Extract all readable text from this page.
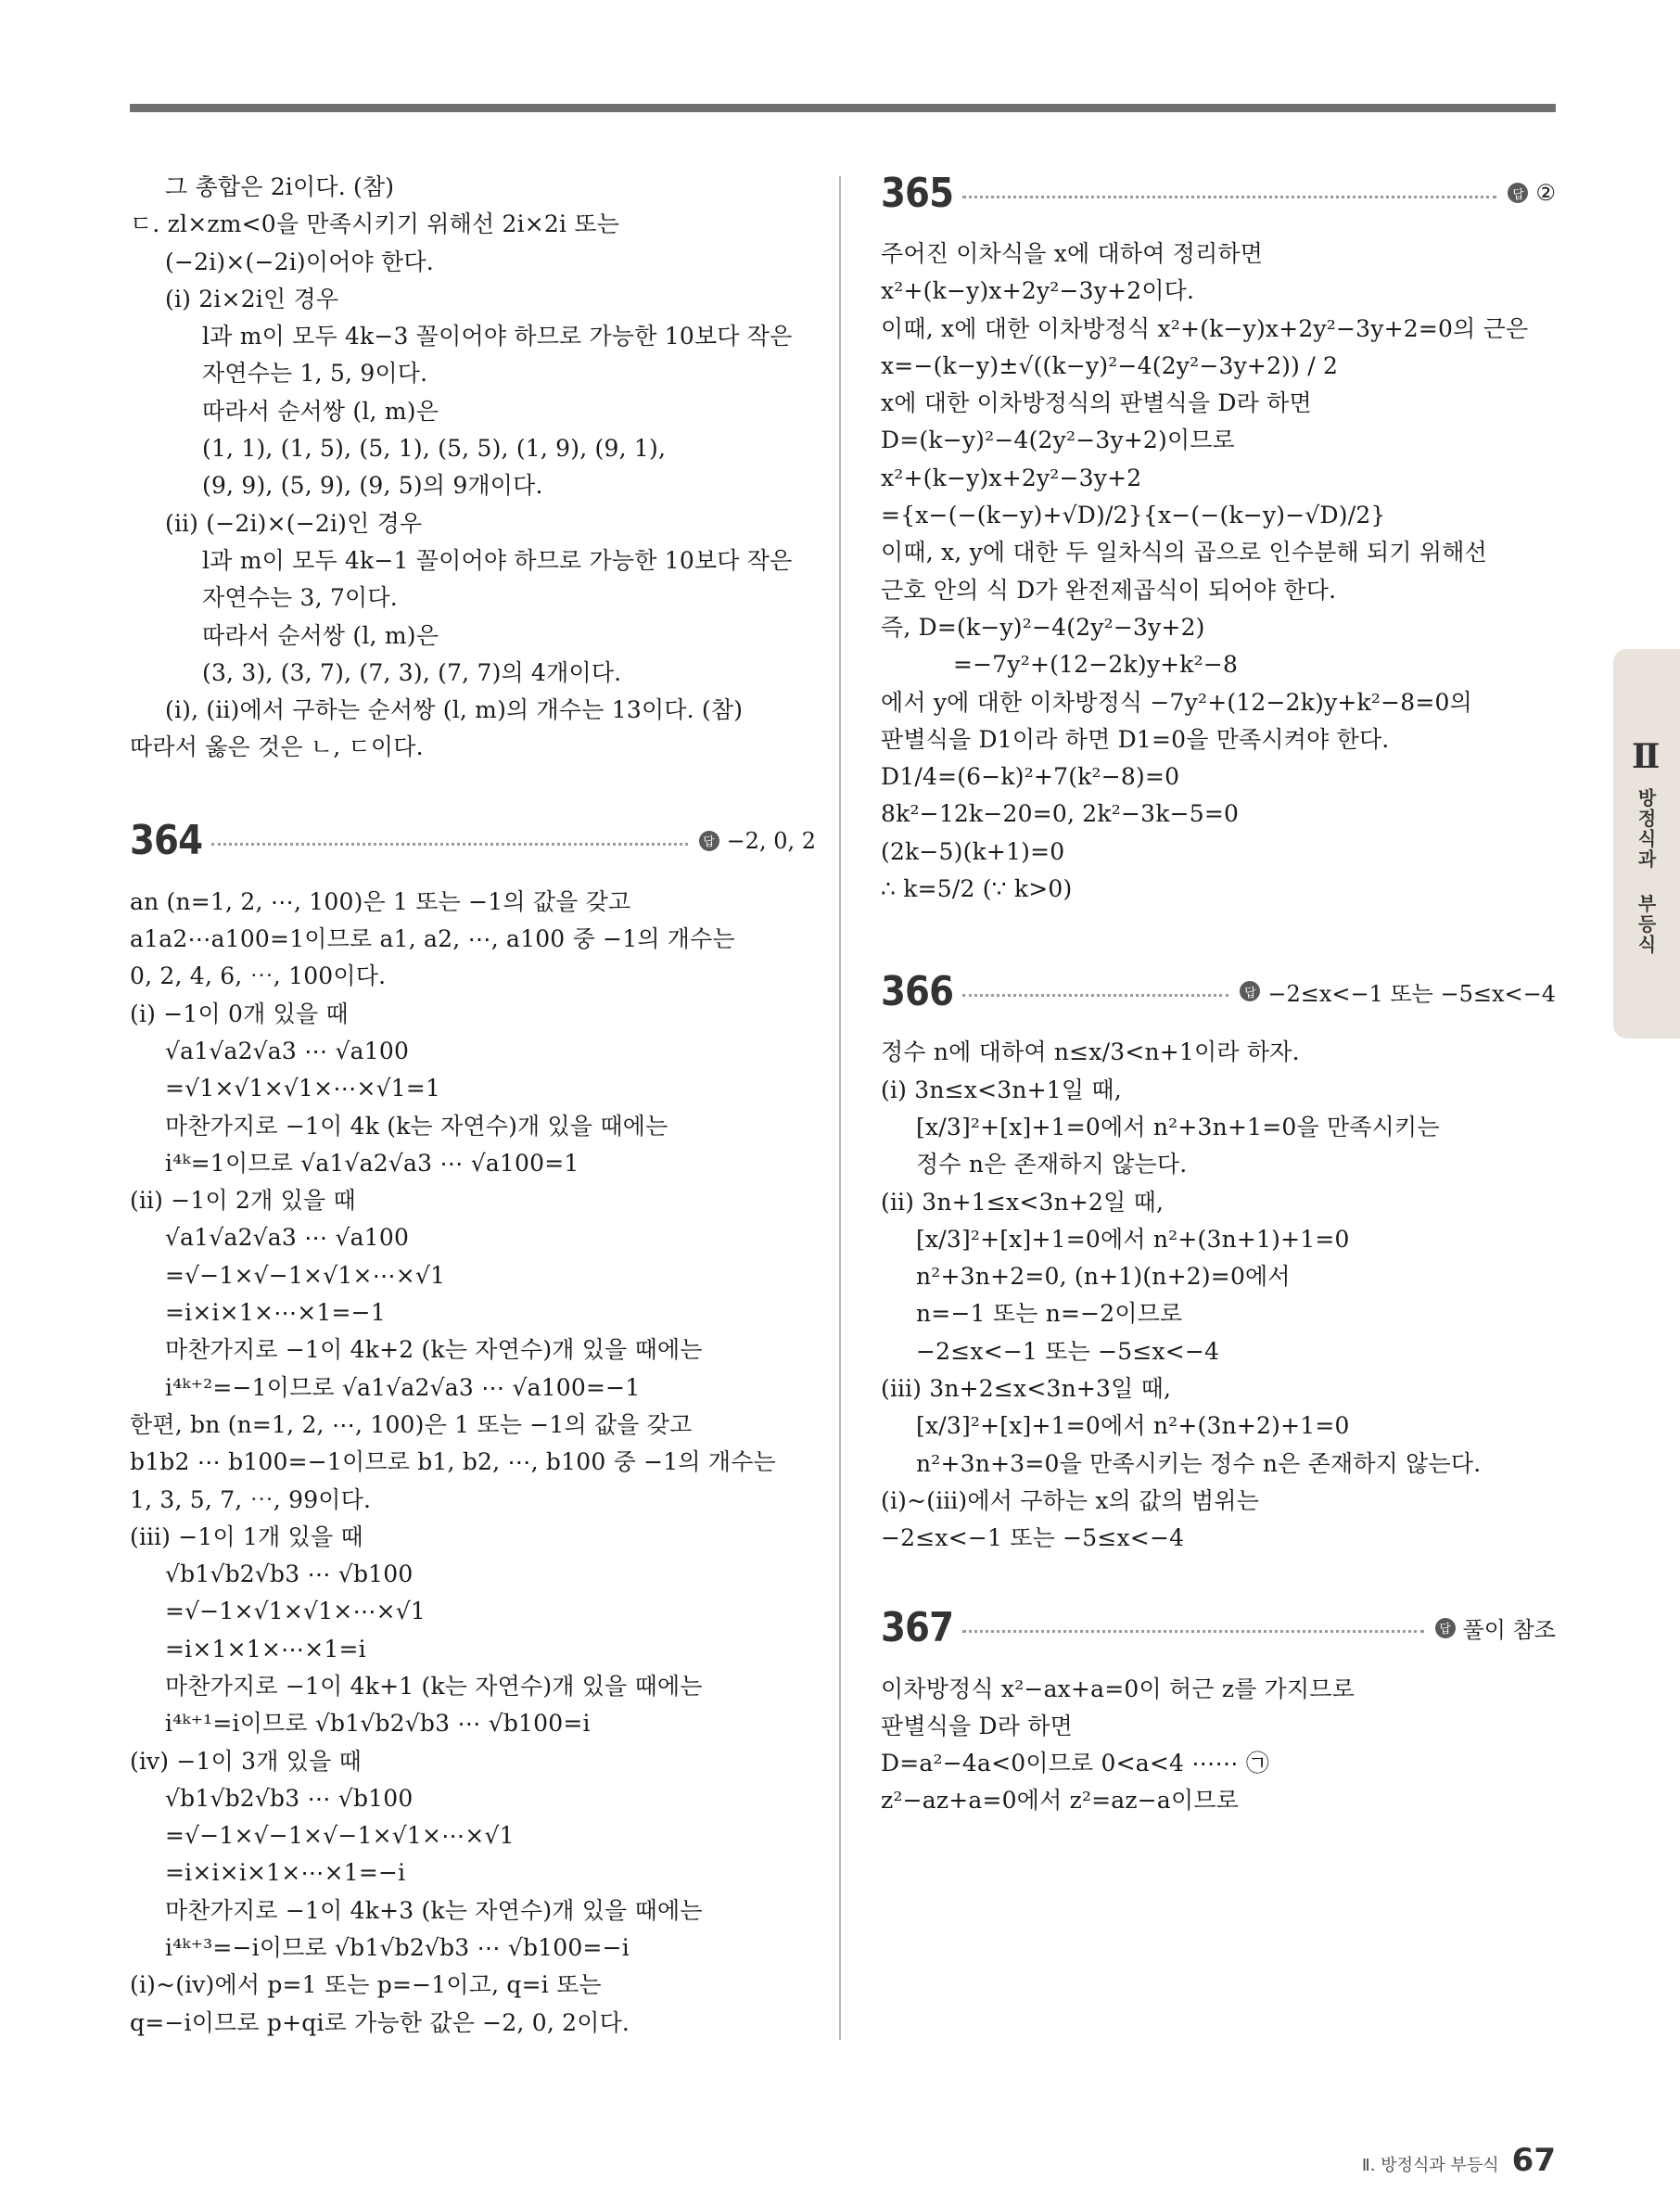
그 총합은 2i이다. (참)
ㄷ. zl×zm<0을 만족시키기 위해선 2i×2i 또는
(−2i)×(−2i)이어야 한다.
(ⅰ) 2i×2i인 경우
l과 m이 모두 4k−3 꼴이어야 하므로 가능한 10보다 작은
자연수는 1, 5, 9이다.
따라서 순서쌍 (l, m)은
(1, 1), (1, 5), (5, 1), (5, 5), (1, 9), (9, 1),
(9, 9), (5, 9), (9, 5)의 9개이다.
(ⅱ) (−2i)×(−2i)인 경우
l과 m이 모두 4k−1 꼴이어야 하므로 가능한 10보다 작은
자연수는 3, 7이다.
따라서 순서쌍 (l, m)은
(3, 3), (3, 7), (7, 3), (7, 7)의 4개이다.
(ⅰ), (ⅱ)에서 구하는 순서쌍 (l, m)의 개수는 13이다. (참)
따라서 옳은 것은 ㄴ, ㄷ이다.
364	답 −2, 0, 2
an (n=1, 2, ⋯, 100)은 1 또는 −1의 값을 갖고
a1a2⋯a100=1이므로 a1, a2, ⋯, a100 중 −1의 개수는
0, 2, 4, 6, ⋯, 100이다.
(ⅰ) −1이 0개 있을 때
√a1√a2√a3 ⋯ √a100
=√1×√1×√1×⋯×√1=1
마찬가지로 −1이 4k (k는 자연수)개 있을 때에는
i⁴ᵏ=1이므로 √a1√a2√a3 ⋯ √a100=1
(ⅱ) −1이 2개 있을 때
√a1√a2√a3 ⋯ √a100
=√−1×√−1×√1×⋯×√1
=i×i×1×⋯×1=−1
마찬가지로 −1이 4k+2 (k는 자연수)개 있을 때에는
i⁴ᵏ⁺²=−1이므로 √a1√a2√a3 ⋯ √a100=−1
한편, bn (n=1, 2, ⋯, 100)은 1 또는 −1의 값을 갖고
b1b2 ⋯ b100=−1이므로 b1, b2, ⋯, b100 중 −1의 개수는
1, 3, 5, 7, ⋯, 99이다.
(ⅲ) −1이 1개 있을 때
√b1√b2√b3 ⋯ √b100
=√−1×√1×√1×⋯×√1
=i×1×1×⋯×1=i
마찬가지로 −1이 4k+1 (k는 자연수)개 있을 때에는
i⁴ᵏ⁺¹=i이므로 √b1√b2√b3 ⋯ √b100=i
(ⅳ) −1이 3개 있을 때
√b1√b2√b3 ⋯ √b100
=√−1×√−1×√−1×√1×⋯×√1
=i×i×i×1×⋯×1=−i
마찬가지로 −1이 4k+3 (k는 자연수)개 있을 때에는
i⁴ᵏ⁺³=−i이므로 √b1√b2√b3 ⋯ √b100=−i
(ⅰ)~(ⅳ)에서 p=1 또는 p=−1이고, q=i 또는
q=−i이므로 p+qi로 가능한 값은 −2, 0, 2이다.
365	답 ②
주어진 이차식을 x에 대하여 정리하면
x²+(k−y)x+2y²−3y+2이다.
이때, x에 대한 이차방정식 x²+(k−y)x+2y²−3y+2=0의 근은
x=−(k−y)±√((k−y)²−4(2y²−3y+2)) / 2
x에 대한 이차방정식의 판별식을 D라 하면
D=(k−y)²−4(2y²−3y+2)이므로
x²+(k−y)x+2y²−3y+2
={x−(−(k−y)+√D)/2}{x−(−(k−y)−√D)/2}
이때, x, y에 대한 두 일차식의 곱으로 인수분해 되기 위해선
근호 안의 식 D가 완전제곱식이 되어야 한다.
즉, D=(k−y)²−4(2y²−3y+2)
=−7y²+(12−2k)y+k²−8
에서 y에 대한 이차방정식 −7y²+(12−2k)y+k²−8=0의
판별식을 D1이라 하면 D1=0을 만족시켜야 한다.
D1/4=(6−k)²+7(k²−8)=0
8k²−12k−20=0, 2k²−3k−5=0
(2k−5)(k+1)=0
∴ k=5/2 (∵ k>0)
366	답 −2≤x<−1 또는 −5≤x<−4
정수 n에 대하여 n≤x/3<n+1이라 하자.
(ⅰ) 3n≤x<3n+1일 때,
[x/3]²+[x]+1=0에서 n²+3n+1=0을 만족시키는
정수 n은 존재하지 않는다.
(ⅱ) 3n+1≤x<3n+2일 때,
[x/3]²+[x]+1=0에서 n²+(3n+1)+1=0
n²+3n+2=0, (n+1)(n+2)=0에서
n=−1 또는 n=−2이므로
−2≤x<−1 또는 −5≤x<−4
(ⅲ) 3n+2≤x<3n+3일 때,
[x/3]²+[x]+1=0에서 n²+(3n+2)+1=0
n²+3n+3=0을 만족시키는 정수 n은 존재하지 않는다.
(ⅰ)~(ⅲ)에서 구하는 x의 값의 범위는
−2≤x<−1 또는 −5≤x<−4
367	답 풀이 참조
이차방정식 x²−ax+a=0이 허근 z를 가지므로
판별식을 D라 하면
D=a²−4a<0이므로 0<a<4 ⋯⋯ ㉠
z²−az+a=0에서 z²=az−a이므로
Ⅱ
방정식과 부등식
Ⅱ. 방정식과 부등식 67
